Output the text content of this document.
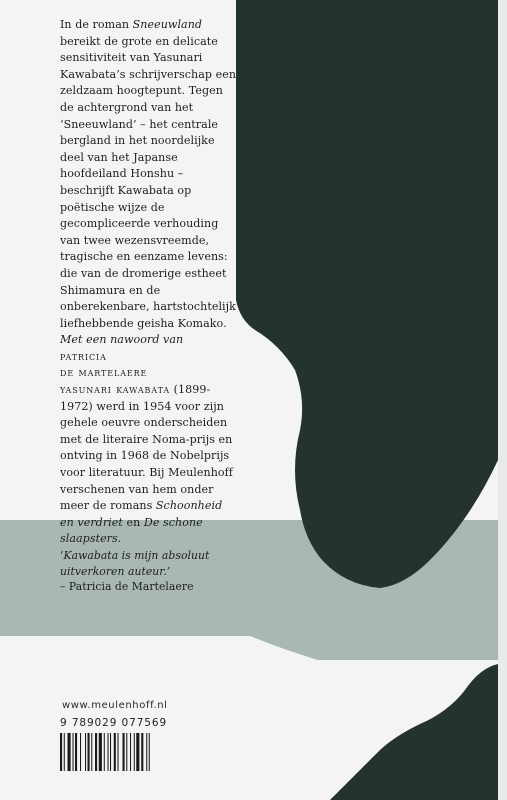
In de roman Sneeuwland bereikt de grote en delicate sensitiviteit van Yasunari Kawabata’s schrijverschap een zeldzaam hoogtepunt. Tegen de achtergrond van het ‘Sneeuwland’ – het centrale bergland in het noordelijke deel van het Japanse hoofdeiland Honshu – beschrijft Kawabata op poëtische wijze de gecompliceerde verhouding van twee wezensvreemde, tragische en eenzame levens: die van de dromerige estheet Shimamura en de onberekenbare, hartstochtelijk liefhebbende geisha Komako.

Met een nawoord van
patricia
de martelaere

yasunari kawabata (1899-1972) werd in 1954 voor zijn gehele oeuvre onderscheiden met de literaire Noma-prijs en ontving in 1968 de Nobelprijs voor literatuur. Bij Meulenhoff verschenen van hem onder meer de romans Schoonheid en verdriet en De schone slaapsters.

‘Kawabata is mijn absoluut uitverkoren auteur.’
– Patricia de Martelaere

www.meulenhoff.nl
9 789029 077569
